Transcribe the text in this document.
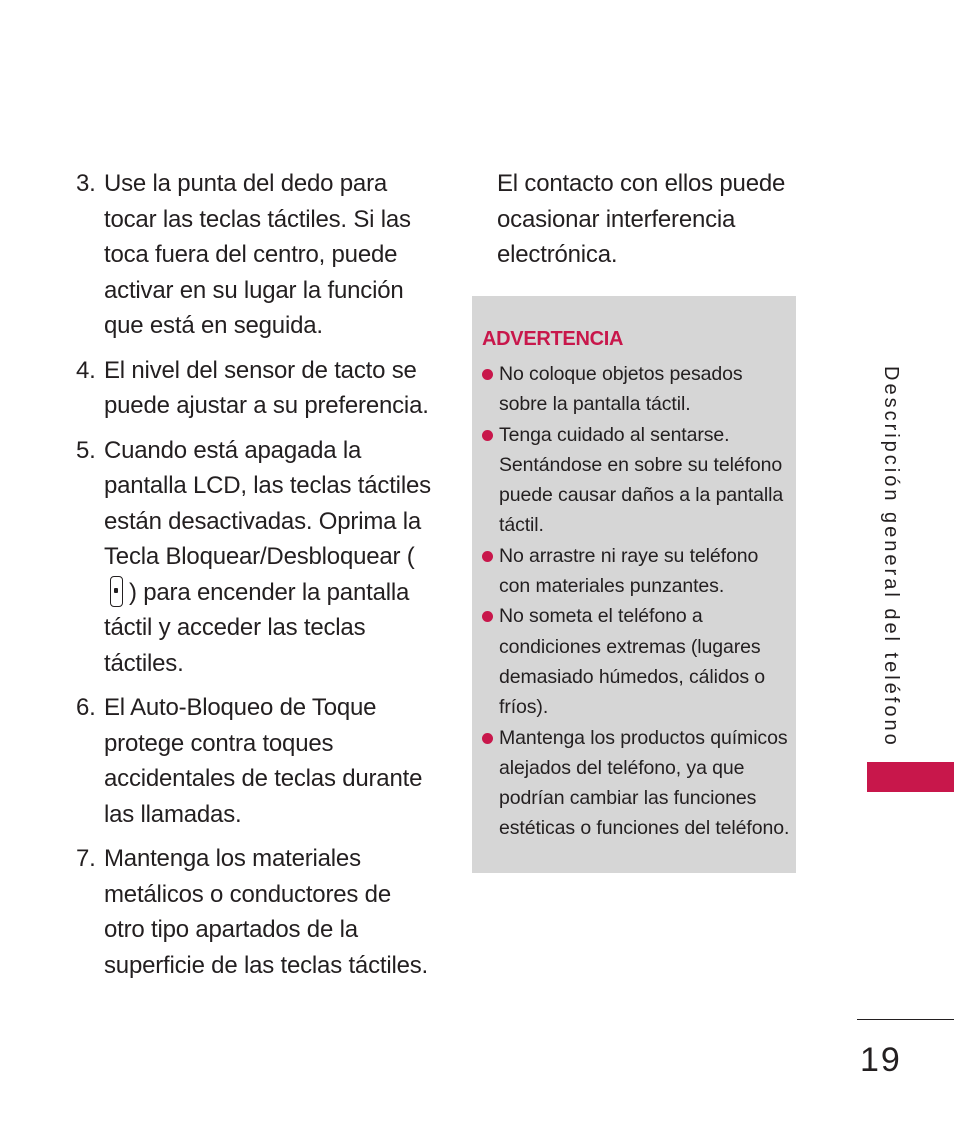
3. Use la punta del dedo para tocar las teclas táctiles. Si las toca fuera del centro, puede activar en su lugar la función que está en seguida.
4. El nivel del sensor de tacto se puede ajustar a su preferencia.
5. Cuando está apagada la pantalla LCD, las teclas táctiles están desactivadas. Oprima la Tecla Bloquear/Desbloquear () para encender la pantalla táctil y acceder las teclas táctiles.
6. El Auto-Bloqueo de Toque protege contra toques accidentales de teclas durante las llamadas.
7. Mantenga los materiales metálicos o conductores de otro tipo apartados de la superficie de las teclas táctiles.
El contacto con ellos puede ocasionar interferencia electrónica.
ADVERTENCIA
No coloque objetos pesados sobre la pantalla táctil.
Tenga cuidado al sentarse. Sentándose en sobre su teléfono puede causar daños a la pantalla táctil.
No arrastre ni raye su teléfono con materiales punzantes.
No someta el teléfono a condiciones extremas (lugares demasiado húmedos, cálidos o fríos).
Mantenga los productos químicos alejados del teléfono, ya que podrían cambiar las funciones estéticas o funciones del teléfono.
Descripción general del teléfono
19
